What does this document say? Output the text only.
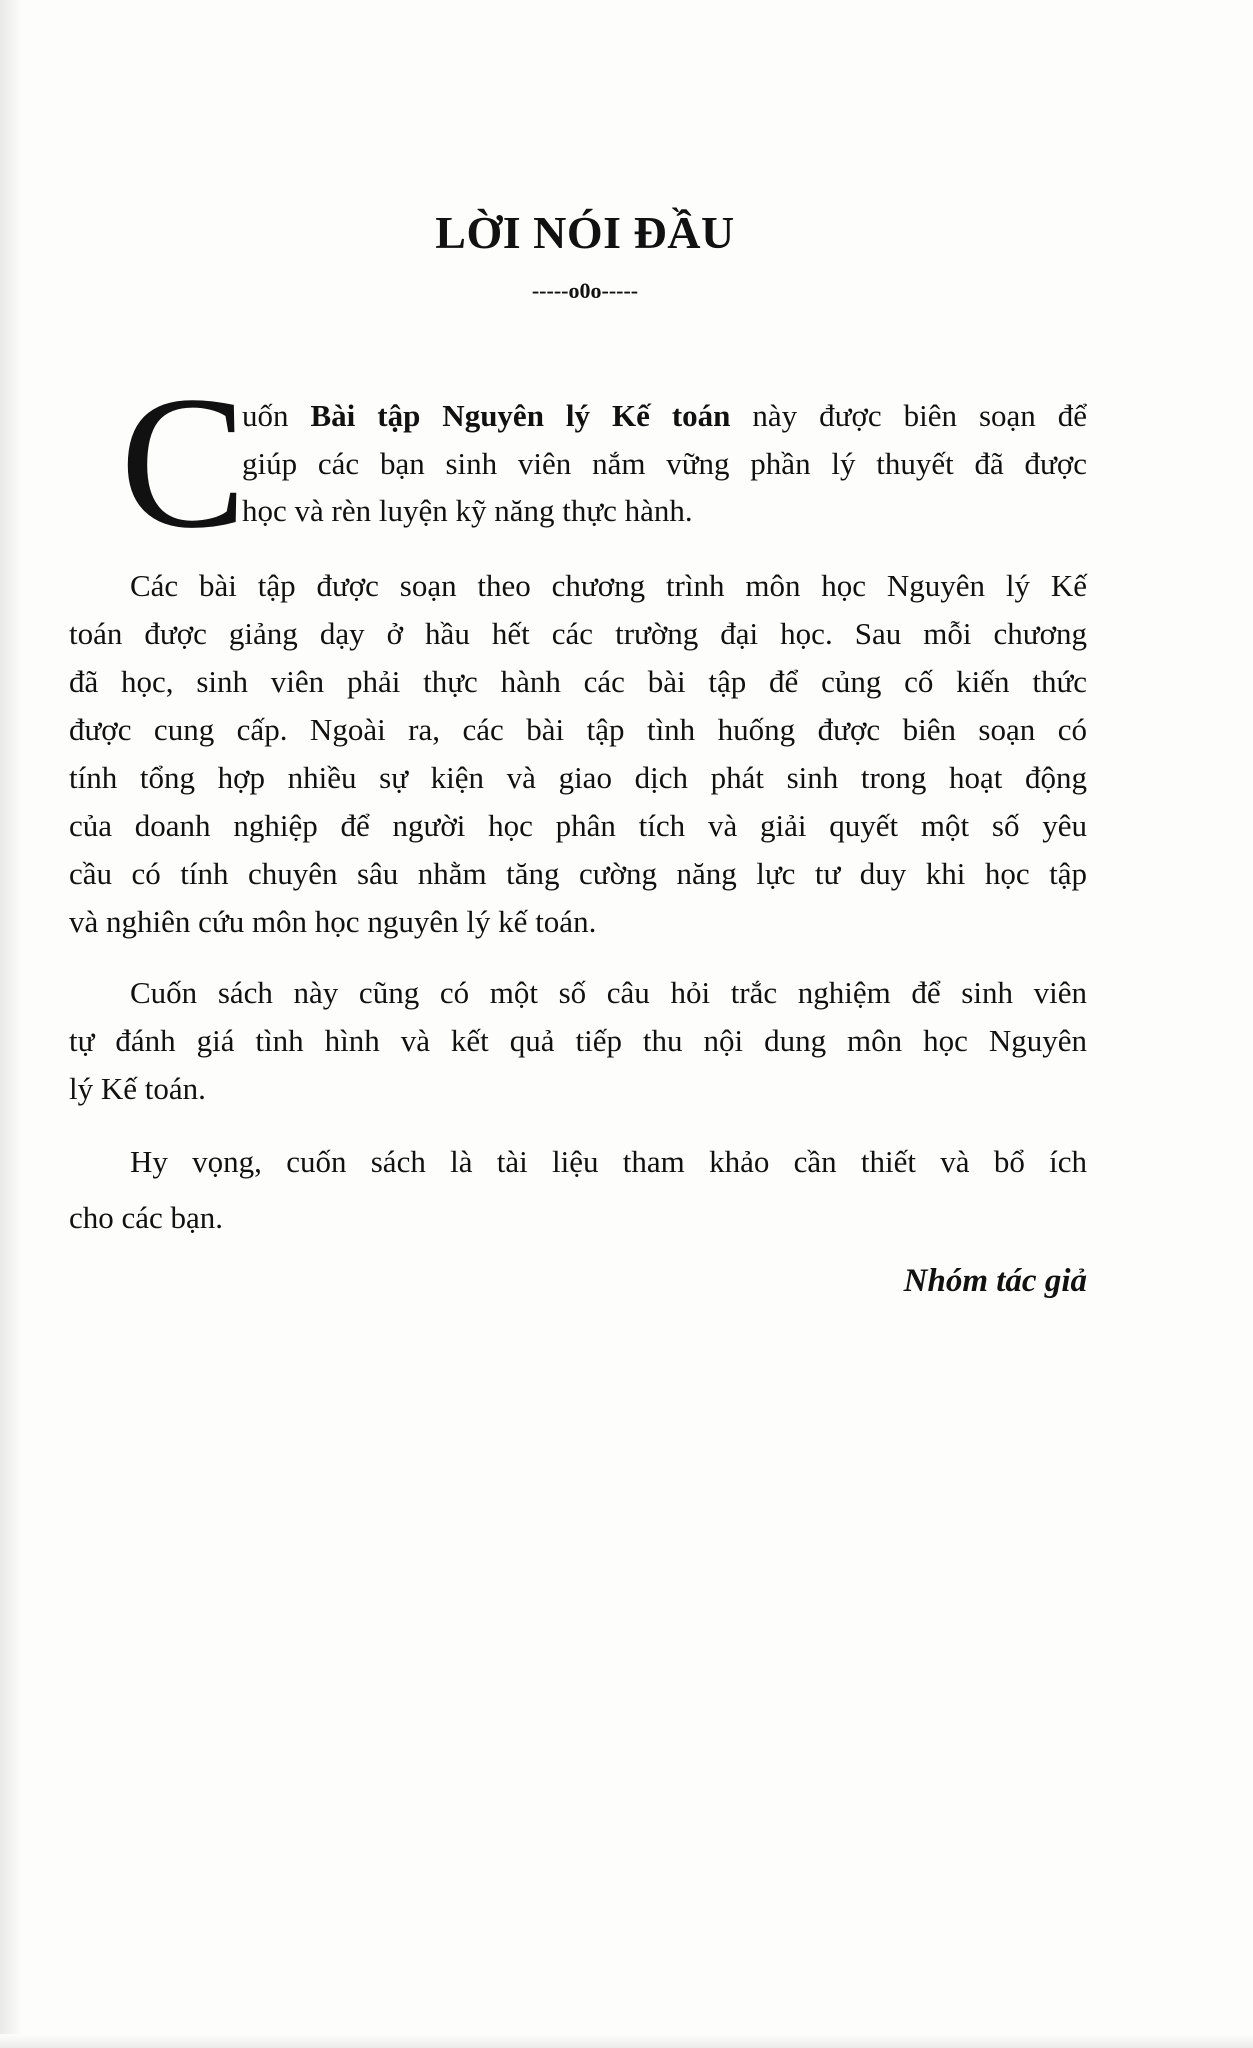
LỜI NÓI ĐẦU
-----o0o-----
C
uốn Bài tập Nguyên lý Kế toán này được biên soạn để
giúp các bạn sinh viên nắm vững phần lý thuyết đã được
học và rèn luyện kỹ năng thực hành.
Các bài tập được soạn theo chương trình môn học Nguyên lý Kế
toán được giảng dạy ở hầu hết các trường đại học. Sau mỗi chương
đã học, sinh viên phải thực hành các bài tập để củng cố kiến thức
được cung cấp. Ngoài ra, các bài tập tình huống được biên soạn có
tính tổng hợp nhiều sự kiện và giao dịch phát sinh trong hoạt động
của doanh nghiệp để người học phân tích và giải quyết một số yêu
cầu có tính chuyên sâu nhằm tăng cường năng lực tư duy khi học tập
và nghiên cứu môn học nguyên lý kế toán.
Cuốn sách này cũng có một số câu hỏi trắc nghiệm để sinh viên
tự đánh giá tình hình và kết quả tiếp thu nội dung môn học Nguyên
lý Kế toán.
Hy vọng, cuốn sách là tài liệu tham khảo cần thiết và bổ ích
cho các bạn.
Nhóm tác giả
